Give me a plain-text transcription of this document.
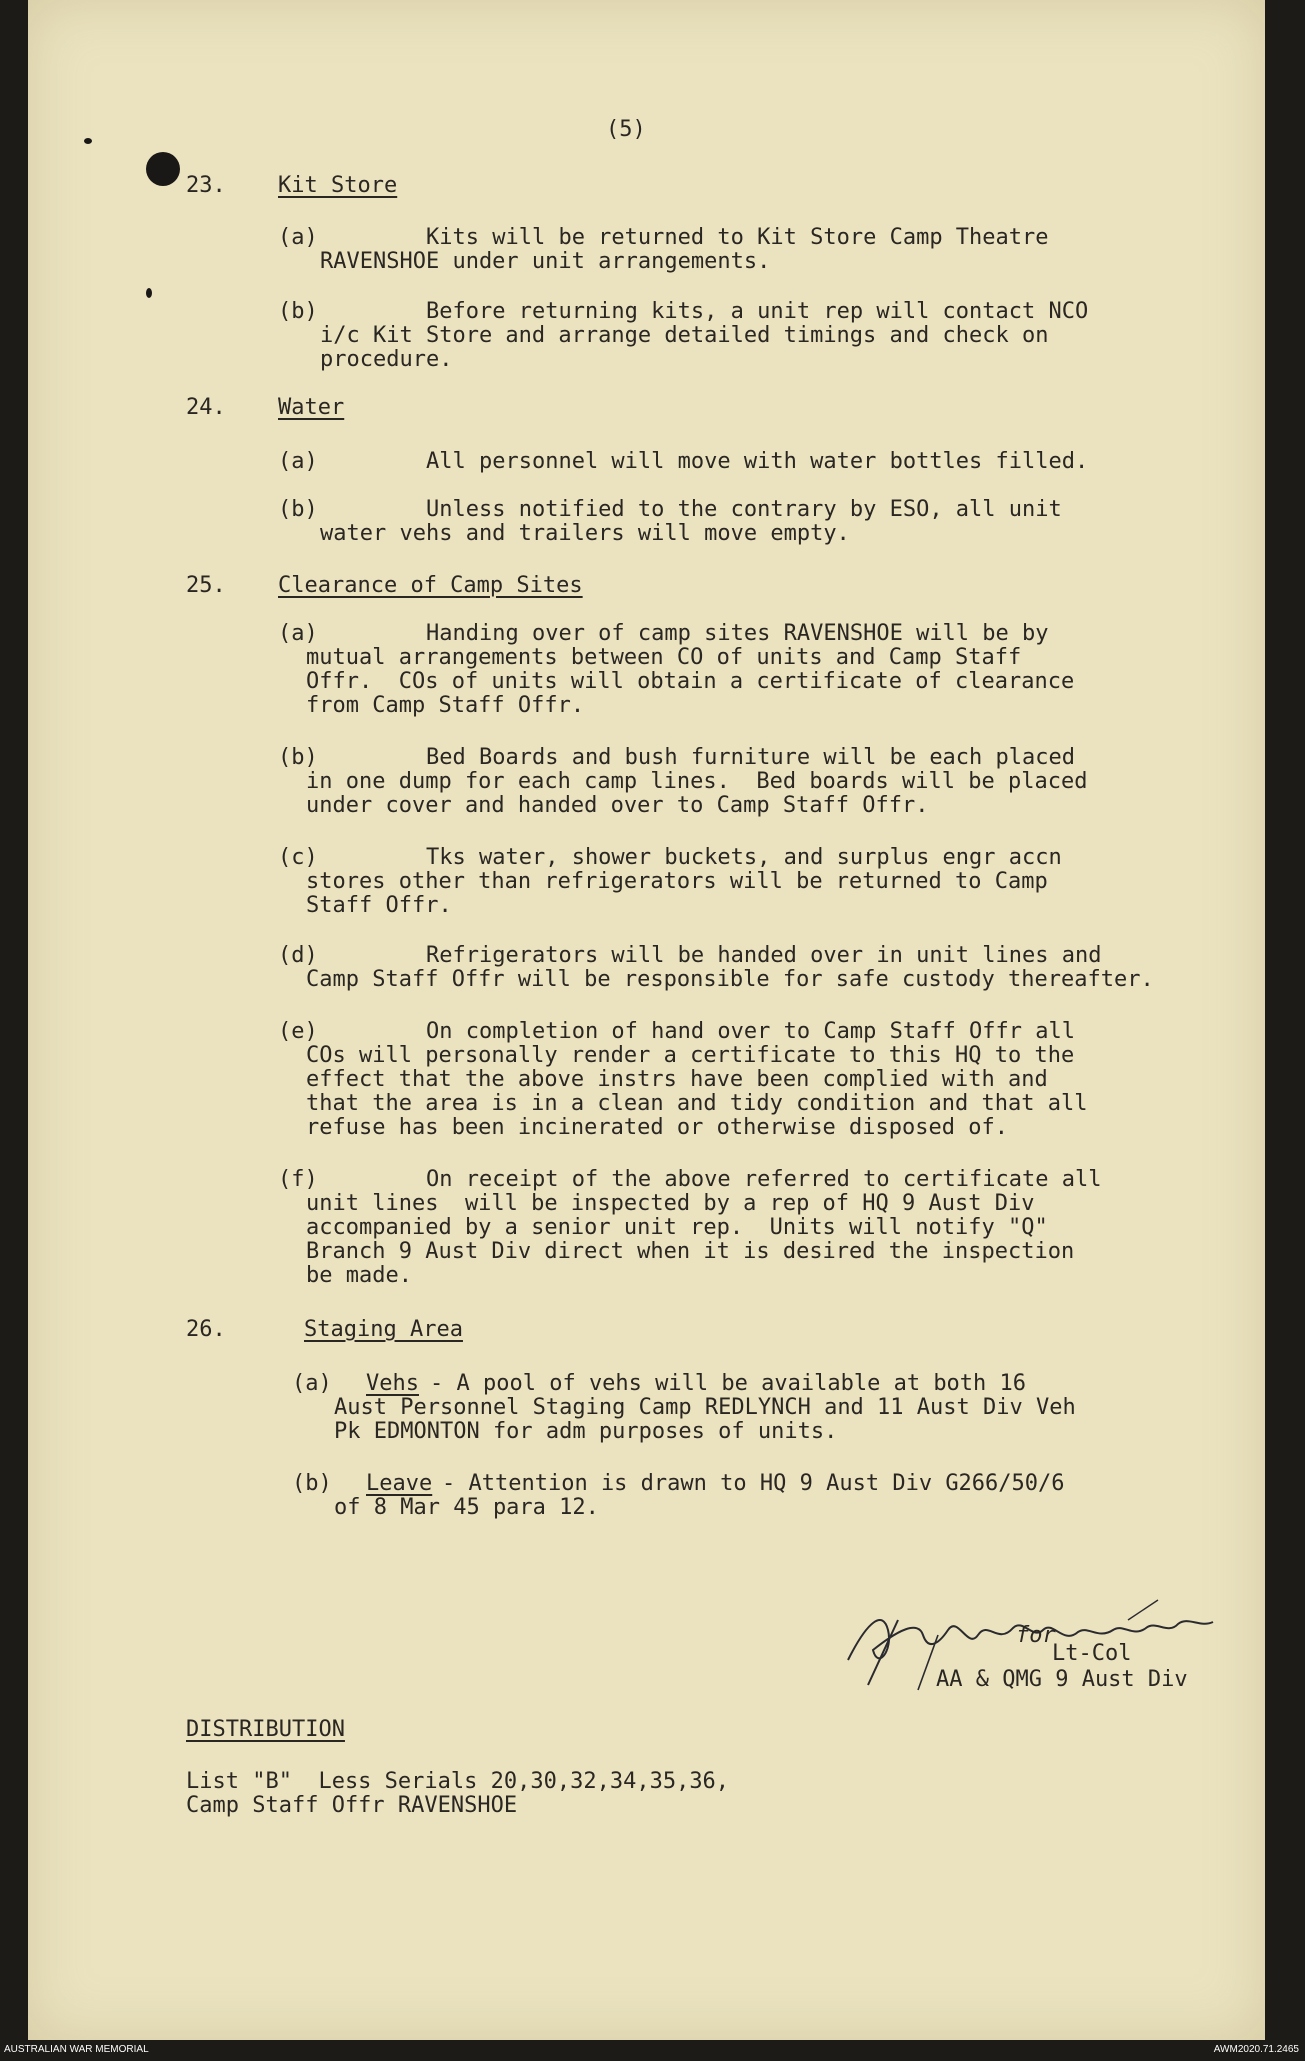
(5)
23. Kit Store
(a)	Kits will be returned to Kit Store Camp Theatre
RAVENSHOE under unit arrangements.
(b)	Before returning kits, a unit rep will contact NCO
i/c Kit Store and arrange detailed timings and check on
procedure.
24. Water
(a)	All personnel will move with water bottles filled.
(b)	Unless notified to the contrary by ESO, all unit
water vehs and trailers will move empty.
25. Clearance of Camp Sites
(a)	Handing over of camp sites RAVENSHOE will be by
mutual arrangements between CO of units and Camp Staff
Offr.  COs of units will obtain a certificate of clearance
from Camp Staff Offr.
(b)	Bed Boards and bush furniture will be each placed
in one dump for each camp lines.  Bed boards will be placed
under cover and handed over to Camp Staff Offr.
(c)	Tks water, shower buckets, and surplus engr accn
stores other than refrigerators will be returned to Camp
Staff Offr.
(d)	Refrigerators will be handed over in unit lines and
Camp Staff Offr will be responsible for safe custody thereafter.
(e)	On completion of hand over to Camp Staff Offr all
COs will personally render a certificate to this HQ to the
effect that the above instrs have been complied with and
that the area is in a clean and tidy condition and that all
refuse has been incinerated or otherwise disposed of.
(f)	On receipt of the above referred to certificate all
unit lines  will be inspected by a rep of HQ 9 Aust Div
accompanied by a senior unit rep.  Units will notify "Q"
Branch 9 Aust Div direct when it is desired the inspection
be made.
26.	Staging Area
(a) Vehs - A pool of vehs will be available at both 16
Aust Personnel Staging Camp REDLYNCH and 11 Aust Div Veh
Pk EDMONTON for adm purposes of units.
(b) Leave - Attention is drawn to HQ 9 Aust Div G266/50/6
of 8 Mar 45 para 12.
for
Lt-Col
AA & QMG 9 Aust Div
DISTRIBUTION
List "B"  Less Serials 20,30,32,34,35,36,
Camp Staff Offr RAVENSHOE
AUSTRALIAN WAR MEMORIAL	AWM2020.71.2465
